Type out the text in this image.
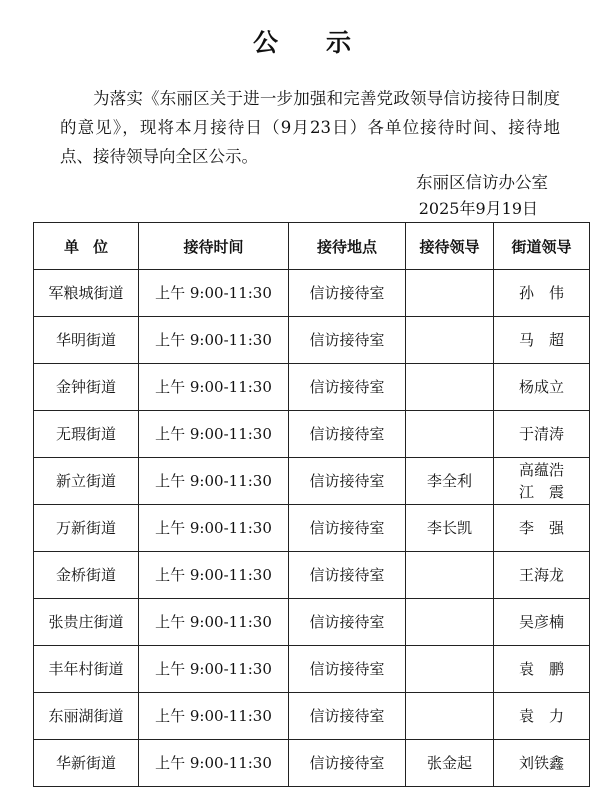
公示

为落实《东丽区关于进一步加强和完善党政领导信访接待日制度的意见》，现将本月接待日（9月23日）各单位接待时间、接待地点、接待领导向全区公示。

东丽区信访办公室

2025年9月19日

单位	接待时间	接待地点	接待领导	街道领导
军粮城街道	上午 9:00-11:30	信访接待室		孙伟

华明街道	上午 9:00-11:30	信访接待室		马超

金钟街道	上午 9:00-11:30	信访接待室		杨成立

无瑕街道	上午 9:00-11:30	信访接待室		于清涛

新立街道	上午 9:00-11:30	信访接待室	李全利	高蕴浩
江震

万新街道	上午 9:00-11:30	信访接待室	李长凯	李强

金桥街道	上午 9:00-11:30	信访接待室		王海龙

张贵庄街道	上午 9:00-11:30	信访接待室		吴彦楠

丰年村街道	上午 9:00-11:30	信访接待室		袁鹏

东丽湖街道	上午 9:00-11:30	信访接待室		袁力

华新街道	上午 9:00-11:30	信访接待室	张金起	刘铁鑫
